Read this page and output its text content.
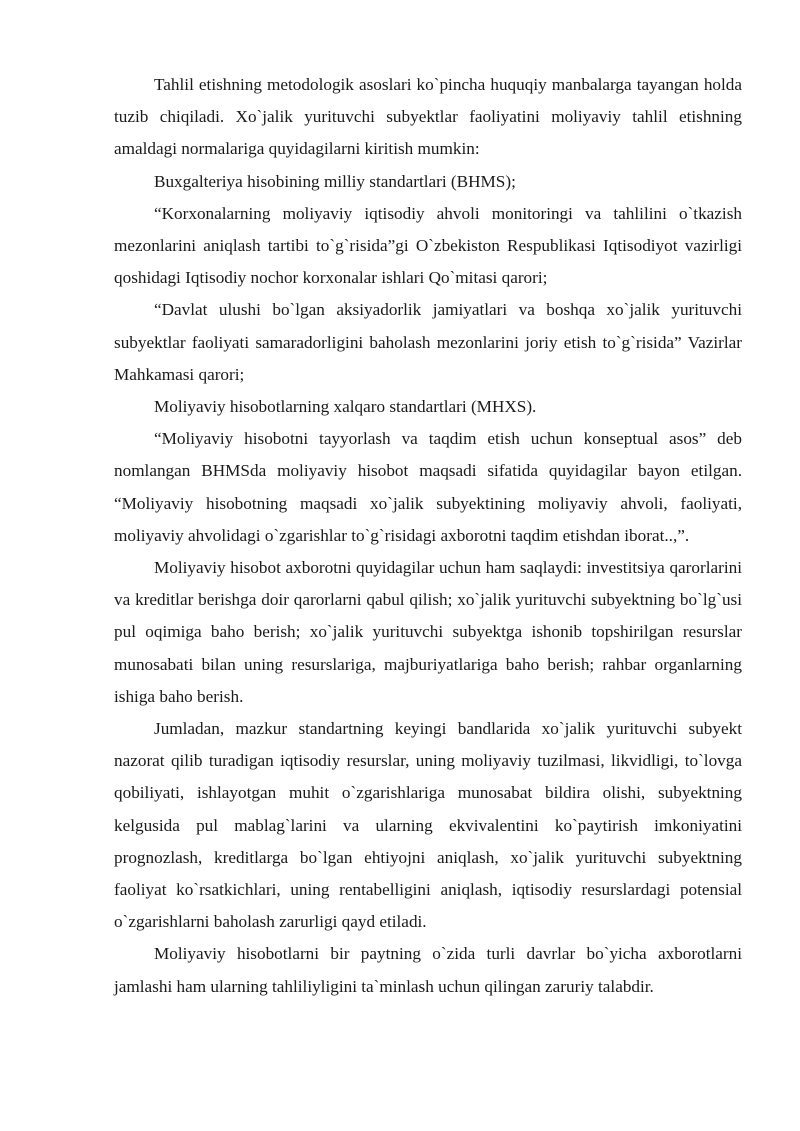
Tahlil etishning metodologik asoslari ko`pincha huquqiy manbalarga tayangan holda tuzib chiqiladi. Xo`jalik yurituvchi subyektlar faoliyatini moliyaviy tahlil etishning amaldagi normalariga quyidagilarni kiritish mumkin:

Buxgalteriya hisobining milliy standartlari (BHMS);

“Korxonalarning moliyaviy iqtisodiy ahvoli monitoringi va tahlilini o`tkazish mezonlarini aniqlash tartibi to`g`risida”gi O`zbekiston Respublikasi Iqtisodiyot vazirligi qoshidagi Iqtisodiy nochor korxonalar ishlari Qo`mitasi qarori;

“Davlat ulushi bo`lgan aksiyadorlik jamiyatlari va boshqa xo`jalik yurituvchi subyektlar faoliyati samaradorligini baholash mezonlarini joriy etish to`g`risida” Vazirlar Mahkamasi qarori;

Moliyaviy hisobotlarning xalqaro standartlari (MHXS).

“Moliyaviy hisobotni tayyorlash va taqdim etish uchun konseptual asos” deb nomlangan BHMSda moliyaviy hisobot maqsadi sifatida quyidagilar bayon etilgan. “Moliyaviy hisobotning maqsadi xo`jalik subyektining moliyaviy ahvoli, faoliyati, moliyaviy ahvolidagi o`zgarishlar to`g`risidagi axborotni taqdim etishdan iborat..,”.

Moliyaviy hisobot axborotni quyidagilar uchun ham saqlaydi: investitsiya qarorlarini va kreditlar berishga doir qarorlarni qabul qilish; xo`jalik yurituvchi subyektning bo`lg`usi pul oqimiga baho berish; xo`jalik yurituvchi subyektga ishonib topshirilgan resurslar munosabati bilan uning resurslariga, majburiyatlariga baho berish; rahbar organlarning ishiga baho berish.

Jumladan, mazkur standartning keyingi bandlarida xo`jalik yurituvchi subyekt nazorat qilib turadigan iqtisodiy resurslar, uning moliyaviy tuzilmasi, likvidligi, to`lovga qobiliyati, ishlayotgan muhit o`zgarishlariga munosabat bildira olishi, subyektning kelgusida pul mablag`larini va ularning ekvivalentini ko`paytirish imkoniyatini prognozlash, kreditlarga bo`lgan ehtiyojni aniqlash, xo`jalik yurituvchi subyektning faoliyat ko`rsatkichlari, uning rentabelligini aniqlash, iqtisodiy resurslardagi potensial o`zgarishlarni baholash zarurligi qayd etiladi.

Moliyaviy hisobotlarni bir paytning o`zida turli davrlar bo`yicha axborotlarni jamlashi ham ularning tahliliyligini ta`minlash uchun qilingan zaruriy talabdir.
